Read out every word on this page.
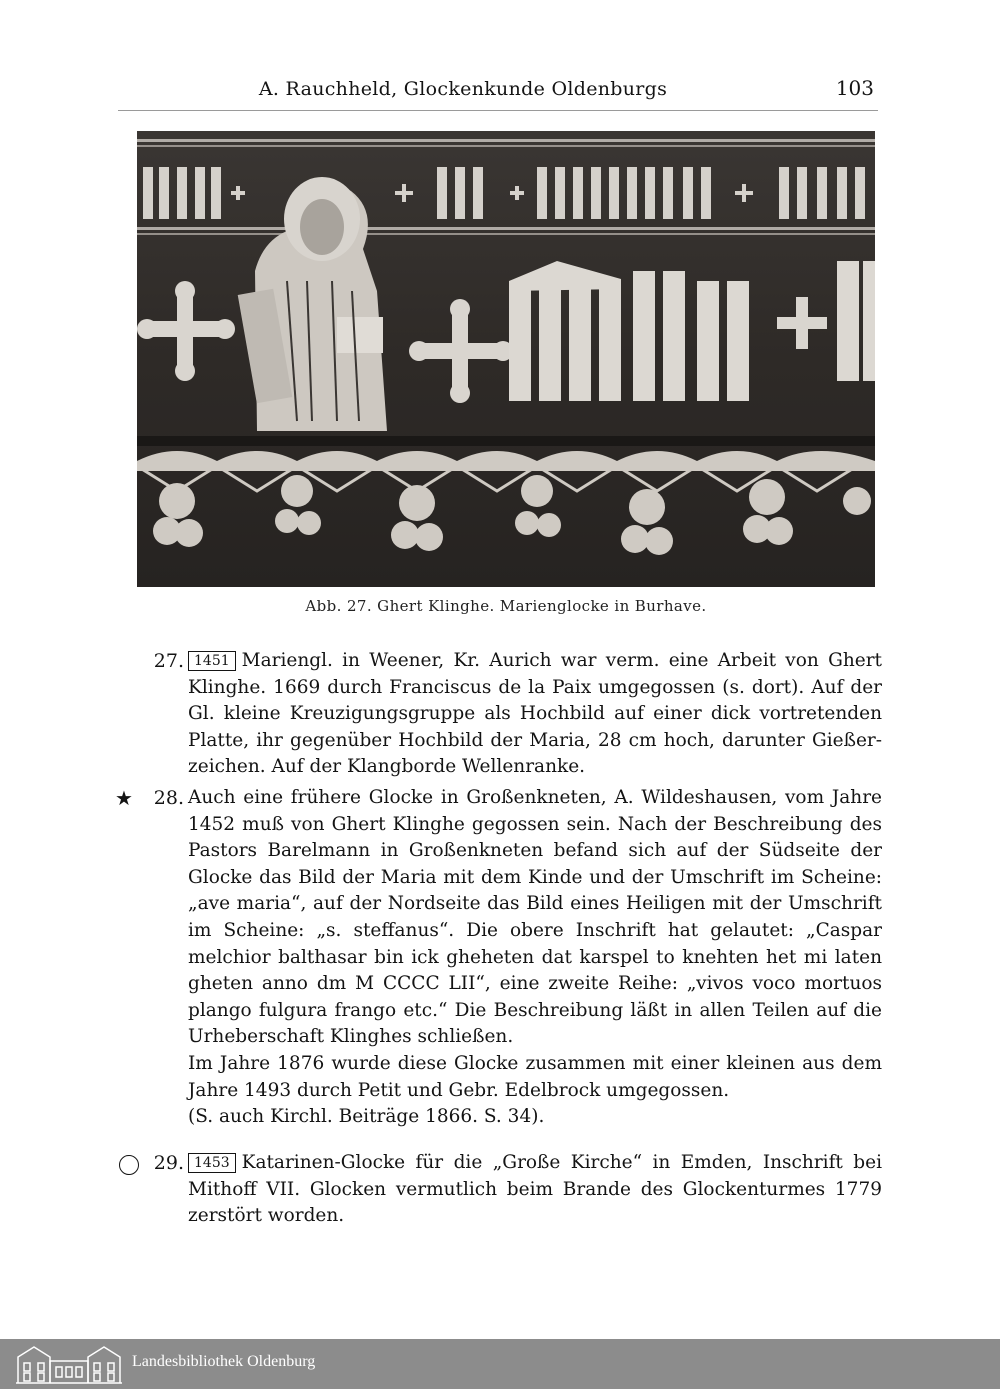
A. Rauchheld, Glockenkunde Oldenburgs	103
Abb. 27. Ghert Klinghe. Marienglocke in Burhave.
27. 1451 Mariengl. in Weener, Kr. Aurich war verm. eine Arbeit von Ghert Klinghe. 1669 durch Franciscus de la Paix umgegossen (s. dort). Auf der Gl. kleine Kreuzigungsgruppe als Hochbild auf einer dick vortretenden Platte, ihr gegenüber Hochbild der Maria, 28 cm hoch, darunter Gießer-zeichen. Auf der Klangborde Wellenranke.
★ 28. Auch eine frühere Glocke in Großenkneten, A. Wildeshausen, vom Jahre 1452 muß von Ghert Klinghe gegossen sein. Nach der Beschreibung des Pastors Barelmann in Großenkneten befand sich auf der Südseite der Glocke das Bild der Maria mit dem Kinde und der Umschrift im Scheine: „ave maria“, auf der Nordseite das Bild eines Heiligen mit der Umschrift im Scheine: „s. steffanus“. Die obere Inschrift hat gelautet: „Caspar melchior balthasar bin ick gheheten dat karspel to knehten het mi laten gheten anno dm M CCCC LII“, eine zweite Reihe: „vivos voco mortuos plango fulgura frango etc.“ Die Beschreibung läßt in allen Teilen auf die Urheberschaft Klinghes schließen.
Im Jahre 1876 wurde diese Glocke zusammen mit einer kleinen aus dem Jahre 1493 durch Petit und Gebr. Edelbrock umgegossen.
(S. auch Kirchl. Beiträge 1866. S. 34).
29. 1453 Katarinen-Glocke für die „Große Kirche“ in Emden, Inschrift bei Mithoff VII. Glocken vermutlich beim Brande des Glockenturmes 1779 zerstört worden.
Landesbibliothek Oldenburg
